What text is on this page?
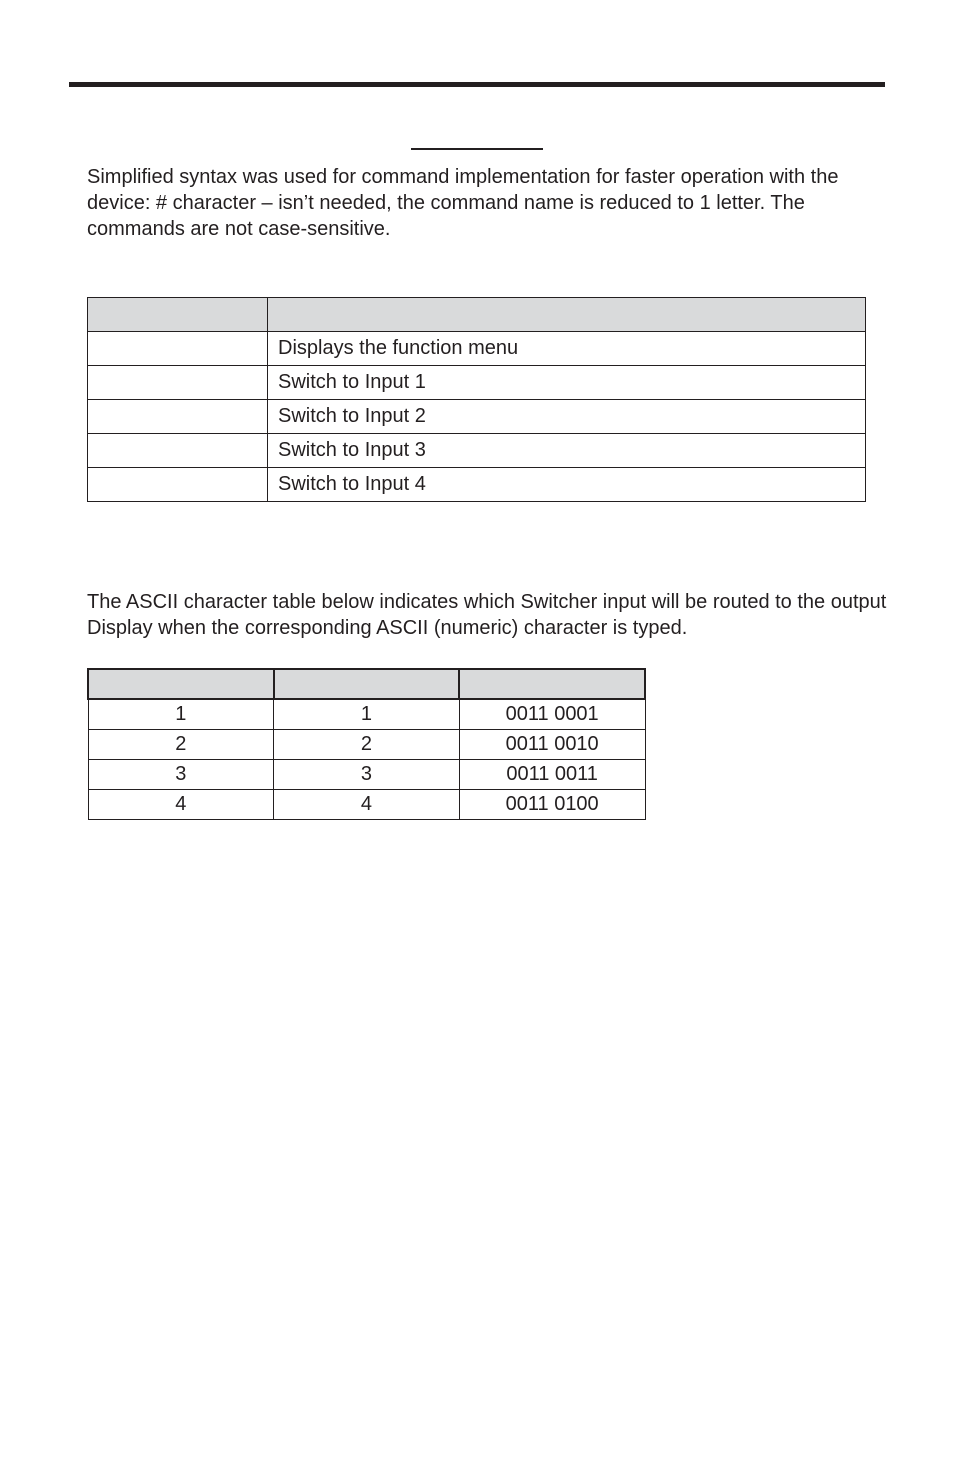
Simplified syntax was used for command implementation for faster operation with the device: # character – isn’t needed, the command name is reduced to 1 letter. The commands are not case-sensitive.

	Displays the function menu
	Switch to Input 1
	Switch to Input 2
	Switch to Input 3
	Switch to Input 4

The ASCII character table below indicates which Switcher input will be routed to the output Display when the corresponding ASCII (numeric) character is typed.

1	1	0011 0001
2	2	0011 0010
3	3	0011 0011
4	4	0011 0100
